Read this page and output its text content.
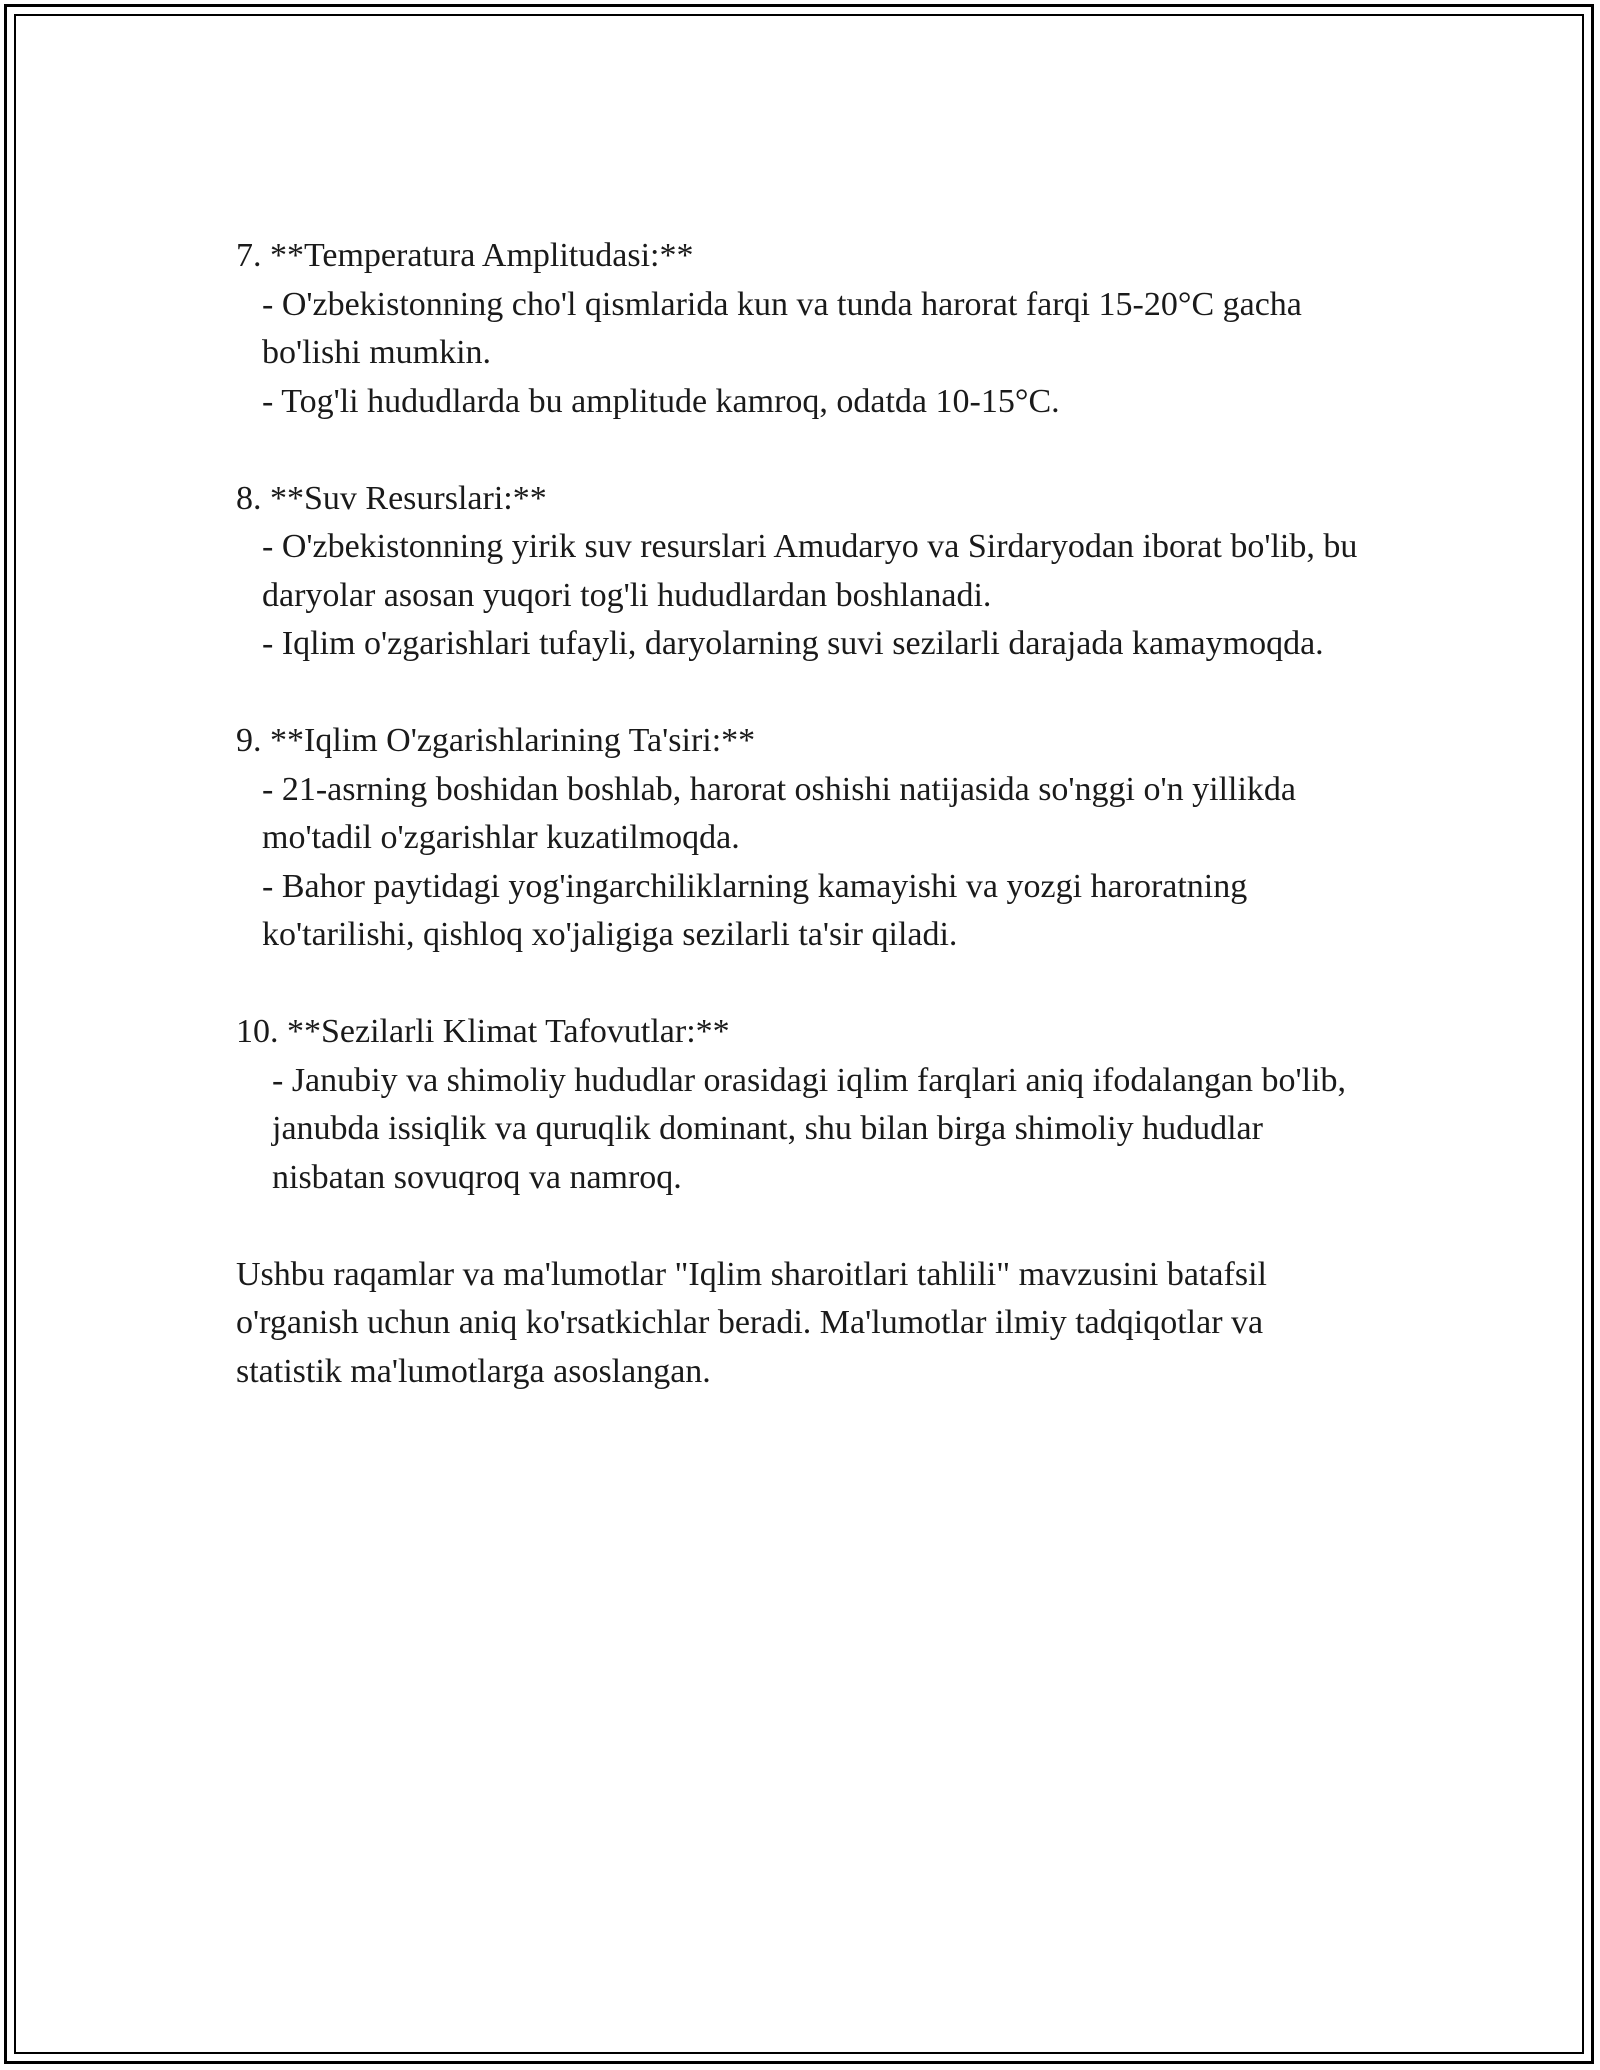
7. **Temperatura Amplitudasi:**

- O'zbekistonning cho'l qismlarida kun va tunda harorat farqi 15-20°C gacha bo'lishi mumkin.

- Tog'li hududlarda bu amplitude kamroq, odatda 10-15°C.

8. **Suv Resurslari:**

- O'zbekistonning yirik suv resurslari Amudaryo va Sirdaryodan iborat bo'lib, bu daryolar asosan yuqori tog'li hududlardan boshlanadi.

- Iqlim o'zgarishlari tufayli, daryolarning suvi sezilarli darajada kamaymoqda.

9. **Iqlim O'zgarishlarining Ta'siri:**

- 21-asrning boshidan boshlab, harorat oshishi natijasida so'nggi o'n yillikda mo'tadil o'zgarishlar kuzatilmoqda.

- Bahor paytidagi yog'ingarchiliklarning kamayishi va yozgi haroratning ko'tarilishi, qishloq xo'jaligiga sezilarli ta'sir qiladi.

10. **Sezilarli Klimat Tafovutlar:**

- Janubiy va shimoliy hududlar orasidagi iqlim farqlari aniq ifodalangan bo'lib, janubda issiqlik va quruqlik dominant, shu bilan birga shimoliy hududlar nisbatan sovuqroq va namroq.

Ushbu raqamlar va ma'lumotlar "Iqlim sharoitlari tahlili" mavzusini batafsil o'rganish uchun aniq ko'rsatkichlar beradi. Ma'lumotlar ilmiy tadqiqotlar va statistik ma'lumotlarga asoslangan.
